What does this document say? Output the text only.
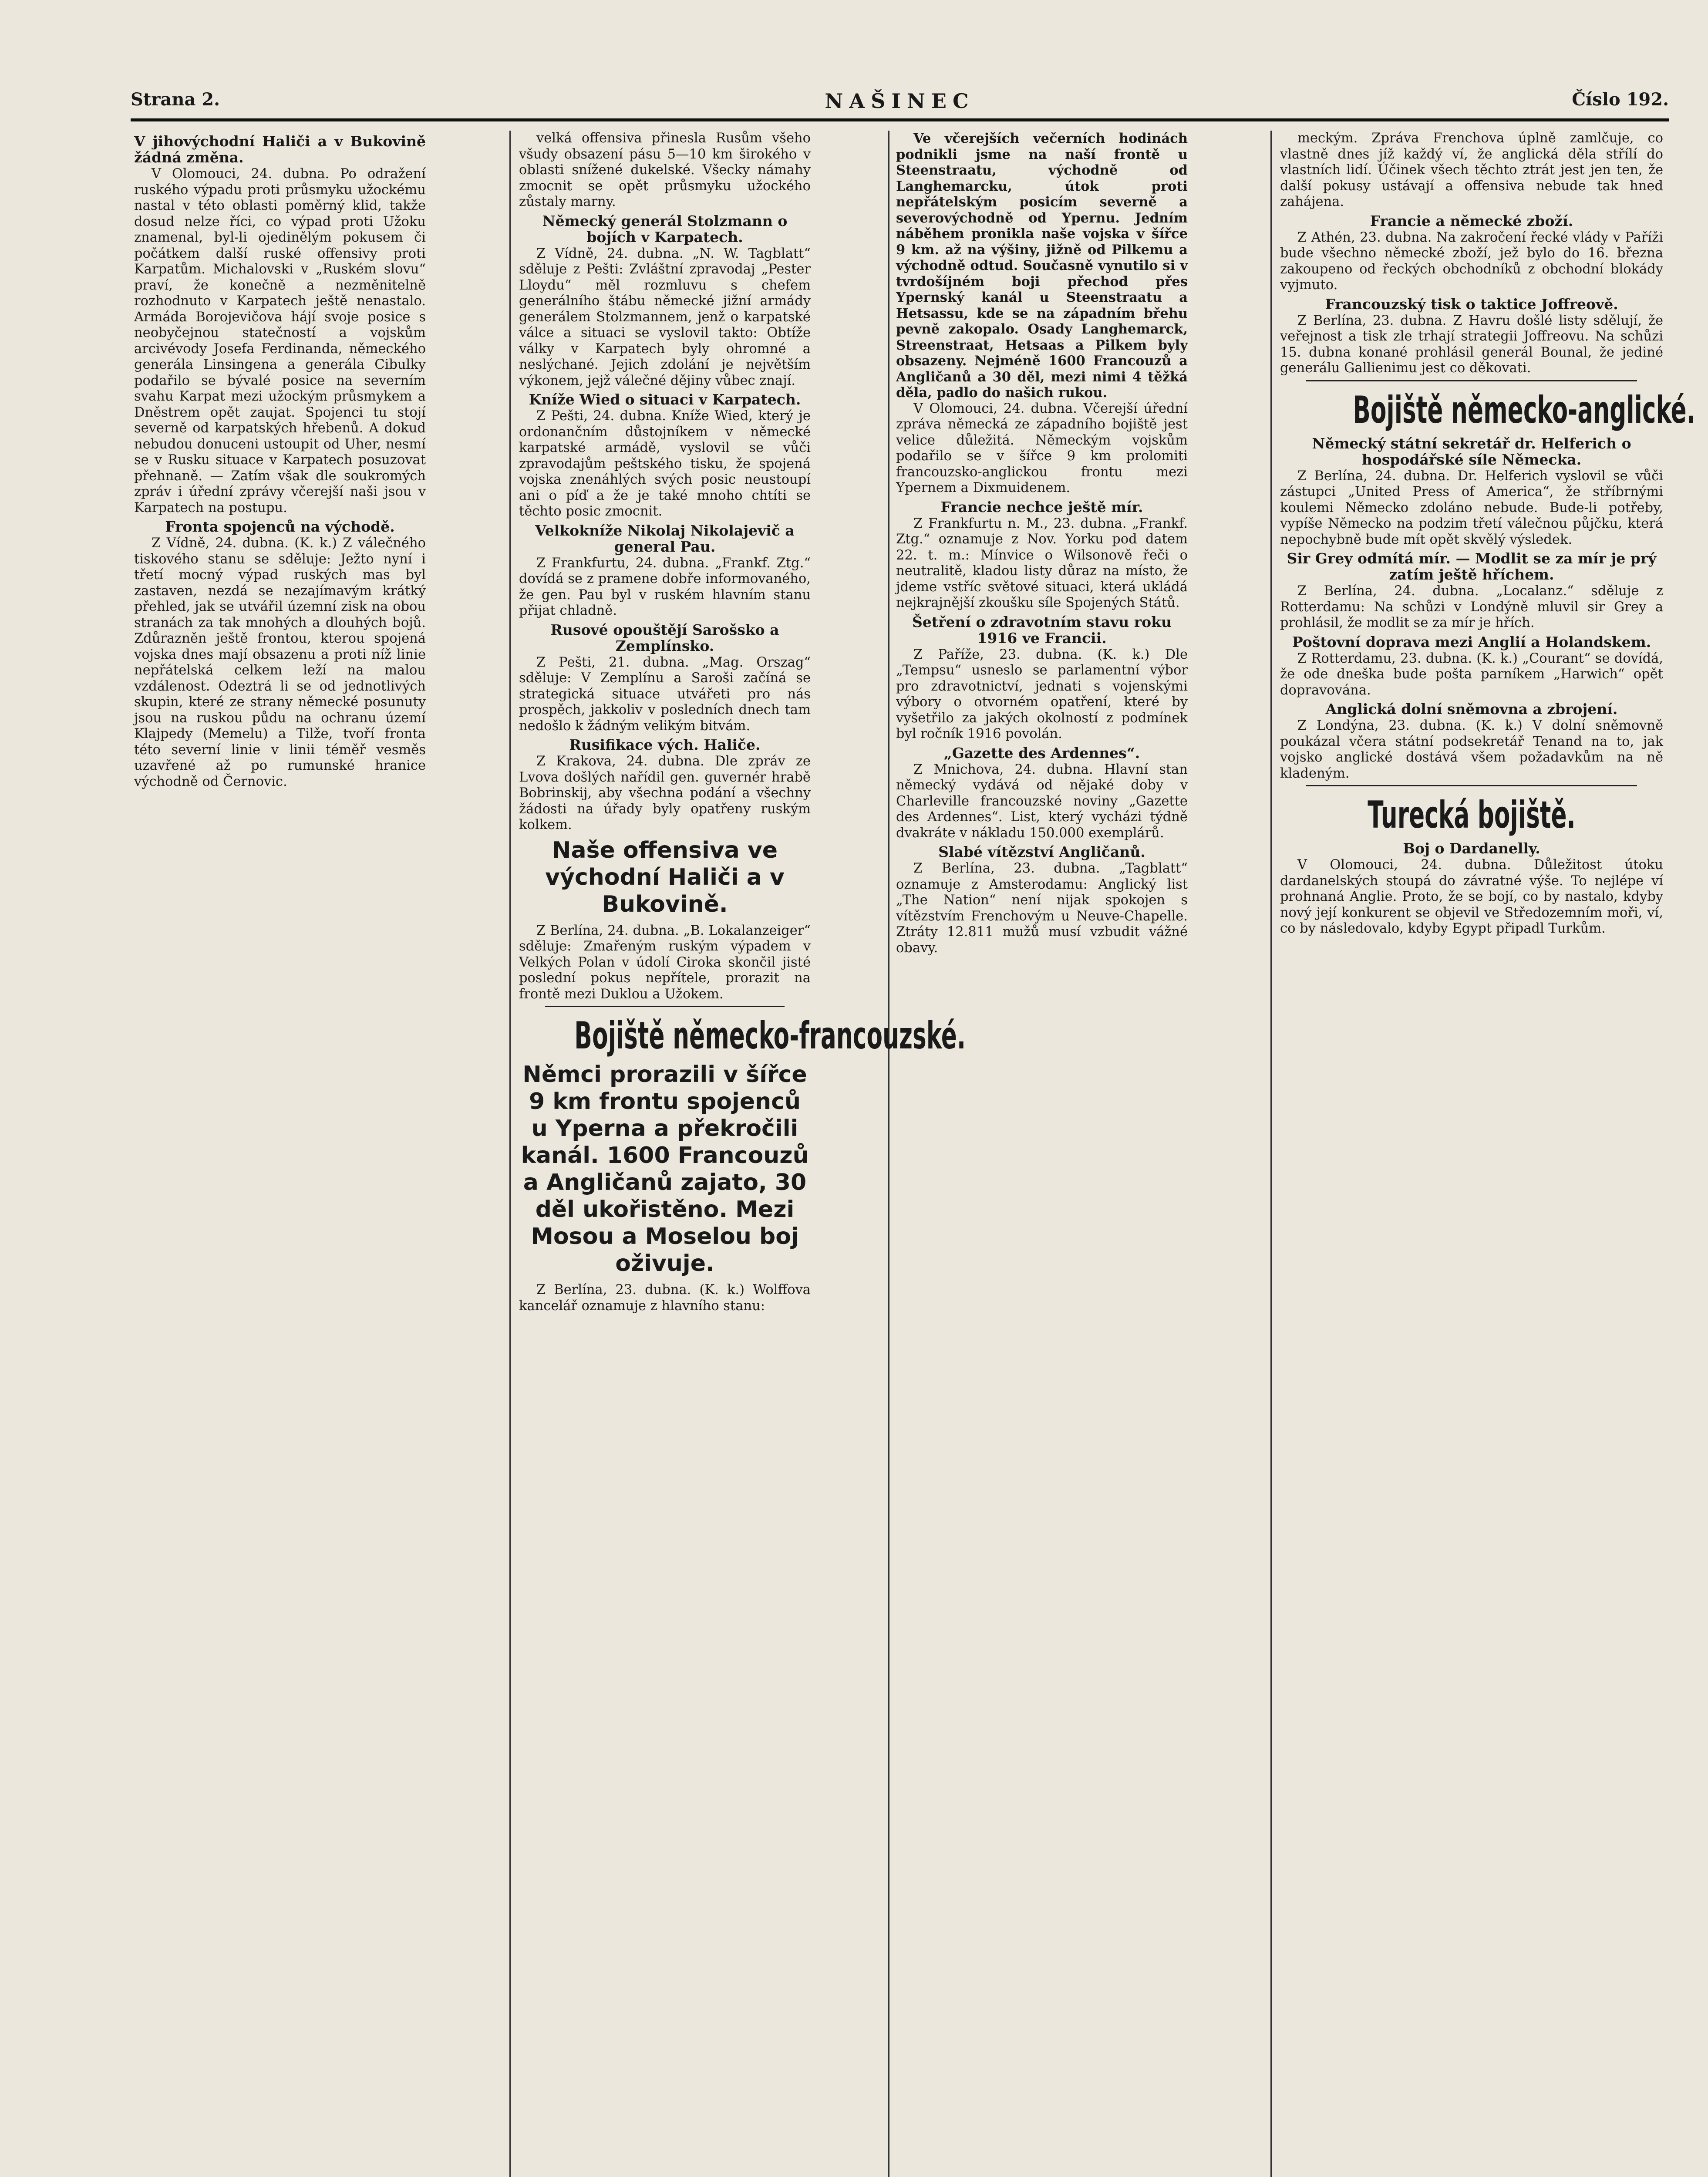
Strana 2.	NAŠINEC	Číslo 192.
V jihovýchodní Haliči a v Bukovině žádná změna.

V Olomouci, 24. dubna. Po odražení ruského výpadu proti průsmyku užockému nastal v této oblasti poměrný klid, takže dosud nelze říci, co výpad proti Užoku znamenal, byl-li ojedinělým pokusem či počátkem další ruské offensivy proti Karpatům. Michalovski v „Ruském slovu“ praví, že konečně a nezměnitelně rozhodnuto v Karpatech ještě nenastalo. Armáda Borojevičova hájí svoje posice s neobyčejnou statečností a vojskům arcivévody Josefa Ferdinanda, německého generála Linsingena a generála Cibulky podařilo se bývalé posice na severním svahu Karpat mezi užockým průsmykem a Dněstrem opět zaujat. Spojenci tu stojí severně od karpatských hřebenů. A dokud nebudou donuceni ustoupit od Uher, nesmí se v Rusku situace v Karpatech posuzovat přehnaně. — Zatím však dle soukromých zpráv i úřední zprávy včerejší naši jsou v Karpatech na postupu.

Fronta spojenců na východě.

Z Vídně, 24. dubna. (K. k.) Z válečného tiskového stanu se sděluje: Ježto nyní i třetí mocný výpad ruských mas byl zastaven, nezdá se nezajímavým krátký přehled, jak se utvářil územní zisk na obou stranách za tak mnohých a dlouhých bojů. Zdůrazněn ještě frontou, kterou spojená vojska dnes mají obsazenu a proti níž linie nepřátelská celkem leží na malou vzdálenost. Odeztrá li se od jednotlivých skupin, které ze strany německé posunuty jsou na ruskou půdu na ochranu území Klajpedy (Memelu) a Tilže, tvoří fronta této severní linie v linii téměř vesměs uzavřené až po rumunské hranice východně od Černovic.

velká offensiva přinesla Rusům všeho všudy obsazení pásu 5—10 km širokého v oblasti snížené dukelské. Všecky námahy zmocnit se opět průsmyku užockého zůstaly marny.

Německý generál Stolzmann o bojích v Karpatech.

Z Vídně, 24. dubna. „N. W. Tagblatt“ sděluje z Pešti: Zvláštní zpravodaj „Pester Lloydu“ měl rozmluvu s chefem generálního štábu německé jižní armády generálem Stolzmannem, jenž o karpatské válce a situaci se vyslovil takto: Obtíže války v Karpatech byly ohromné a neslýchané. Jejich zdolání je největším výkonem, jejž válečné dějiny vůbec znají.

Kníže Wied o situaci v Karpatech.

Z Pešti, 24. dubna. Kníže Wied, který je ordonančním důstojníkem v německé karpatské armádě, vyslovil se vůči zpravodajům peštského tisku, že spojená vojska znenáhlých svých posic neustoupí ani o píď a že je také mnoho chtíti se těchto posic zmocnit.

Velkokníže Nikolaj Nikolajevič a general Pau.

Z Frankfurtu, 24. dubna. „Frankf. Ztg.“ dovídá se z pramene dobře informovaného, že gen. Pau byl v ruském hlavním stanu přijat chladně.

Rusové opouštějí Sarošsko a Zemplínsko.

Z Pešti, 21. dubna. „Mag. Orszag“ sděluje: V Zemplínu a Saroši začíná se strategická situace utvářeti pro nás prospěch, jakkoliv v posledních dnech tam nedošlo k žádným velikým bitvám.

Rusifikace vých. Haliče.

Z Krakova, 24. dubna. Dle zpráv ze Lvova došlých nařídil gen. guvernér hrabě Bobrinskij, aby všechna podání a všechny žádosti na úřady byly opatřeny ruským kolkem.

Naše offensiva ve východní Haliči a v Bukovině.

Z Berlína, 24. dubna. „B. Lokalanzeiger“ sděluje: Zmařeným ruským výpadem v Velkých Polan v údolí Ciroka skončil jisté poslední pokus nepřítele, prorazit na frontě mezi Duklou a Užokem.

Bojiště německo-francouzské.
Němci prorazili v šířce 9 km frontu spojenců u Yperna a překročili kanál. 1600 Francouzů a Angličanů zajato, 30 děl ukořistěno. Mezi Mosou a Moselou boj oživuje.

Z Berlína, 23. dubna. (K. k.) Wolffova kancelář oznamuje z hlavního stanu:

Ve včerejších večerních hodinách podnikli jsme na naší frontě u Steenstraatu, východně od Langhemarcku, útok proti nepřátelským posicím severně a severovýchodně od Ypernu. Jedním náběhem pronikla naše vojska v šířce 9 km. až na výšiny, jižně od Pilkemu a východně odtud. Současně vynutilo si v tvrdošíjném boji přechod přes Ypernský kanál u Steenstraatu a Hetsassu, kde se na západním břehu pevně zakopalo. Osady Langhemarck, Streenstraat, Hetsaas a Pilkem byly obsazeny. Nejméně 1600 Francouzů a Angličanů a 30 děl, mezi nimi 4 těžká děla, padlo do našich rukou.

V Olomouci, 24. dubna. Včerejší úřední zpráva německá ze západního bojiště jest velice důležitá. Německým vojskům podařilo se v šířce 9 km prolomiti francouzsko-anglickou frontu mezi Ypernem a Dixmuidenem.

Francie nechce ještě mír.

Z Frankfurtu n. M., 23. dubna. „Frankf. Ztg.“ oznamuje z Nov. Yorku pod datem 22. t. m.: Mínvice o Wilsonově řeči o neutralitě, kladou listy důraz na místo, že jdeme vstříc světové situaci, která ukládá nejkrajnější zkoušku síle Spojených Států.

Šetření o zdravotním stavu roku 1916 ve Francii.

Z Paříže, 23. dubna. (K. k.) Dle „Tempsu“ usneslo se parlamentní výbor pro zdravotnictví, jednati s vojenskými výbory o otvorném opatření, které by vyšetřilo za jakých okolností z podmínek byl ročník 1916 povolán.

„Gazette des Ardennes“.

Z Mnichova, 24. dubna. Hlavní stan německý vydává od nějaké doby v Charleville francouzské noviny „Gazette des Ardennes“. List, který vycházi týdně dvakráte v nákladu 150.000 exemplárů.

Slabé vítězství Angličanů.

Z Berlína, 23. dubna. „Tagblatt“ oznamuje z Amsterodamu: Anglický list „The Nation“ není nijak spokojen s vítězstvím Frenchovým u Neuve-Chapelle. Ztráty 12.811 mužů musí vzbudit vážné obavy.

meckým. Zpráva Frenchova úplně zamlčuje, co vlastně dnes jíž každý ví, že anglická děla střílí do vlastních lidí. Účinek všech těchto ztrát jest jen ten, že další pokusy ustávají a offensiva nebude tak hned zahájena.

Francie a německé zboží.

Z Athén, 23. dubna. Na zakročení řecké vlády v Paříži bude všechno německé zboží, jež bylo do 16. března zakoupeno od řeckých obchodníků z obchodní blokády vyjmuto.

Francouzský tisk o taktice Joffreově.

Z Berlína, 23. dubna. Z Havru došlé listy sdělují, že veřejnost a tisk zle trhají strategii Joffreovu. Na schůzi 15. dubna konané prohlásil generál Bounal, že jediné generálu Gallienimu jest co děkovati.

Bojiště německo-anglické.
Německý státní sekretář dr. Helferich o hospodářské síle Německa.

Z Berlína, 24. dubna. Dr. Helferich vyslovil se vůči zástupci „United Press of America“, že stříbrnými koulemi Německo zdoláno nebude. Bude-li potřeby, vypíše Německo na podzim třetí válečnou půjčku, která nepochybně bude mít opět skvělý výsledek.

Sir Grey odmítá mír. — Modlit se za mír je prý zatím ještě hříchem.

Z Berlína, 24. dubna. „Localanz.“ sděluje z Rotterdamu: Na schůzi v Londýně mluvil sir Grey a prohlásil, že modlit se za mír je hřích.

Poštovní doprava mezi Anglií a Holandskem.

Z Rotterdamu, 23. dubna. (K. k.) „Courant“ se dovídá, že ode dneška bude pošta parníkem „Harwich“ opět dopravována.

Anglická dolní sněmovna a zbrojení.

Z Londýna, 23. dubna. (K. k.) V dolní sněmovně poukázal včera státní podsekretář Tenand na to, jak vojsko anglické dostává všem požadavkům na ně kladeným.

Turecká bojiště.
Boj o Dardanelly.

V Olomouci, 24. dubna. Důležitost útoku dardanelských stoupá do závratné výše. To nejlépe ví prohnaná Anglie. Proto, že se bojí, co by nastalo, kdyby nový její konkurent se objevil ve Středozemním moři, ví, co by následovalo, kdyby Egypt připadl Turkům.
